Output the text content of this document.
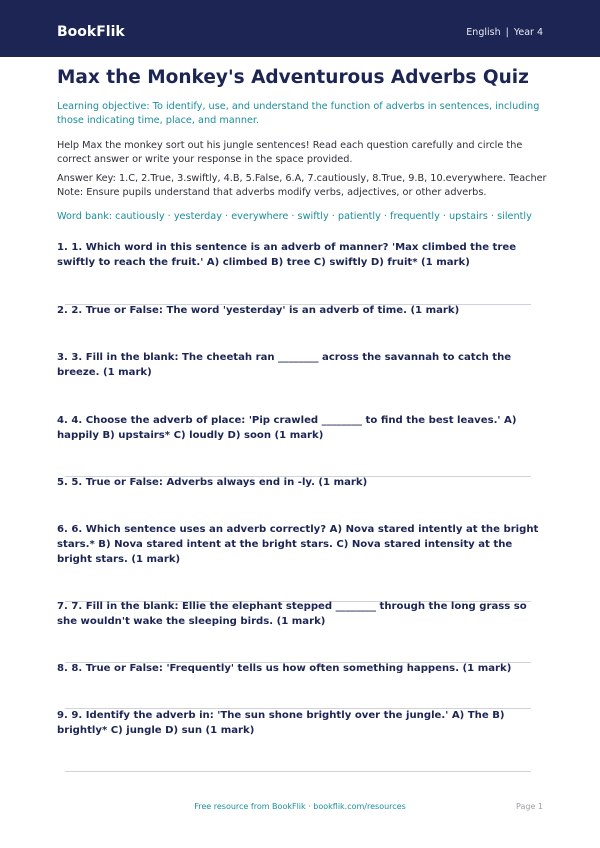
BookFlik	English | Year 4
Max the Monkey's Adventurous Adverbs Quiz
Learning objective: To identify, use, and understand the function of adverbs in sentences, including those indicating time, place, and manner.
Help Max the monkey sort out his jungle sentences! Read each question carefully and circle the correct answer or write your response in the space provided.
Answer Key: 1.C, 2.True, 3.swiftly, 4.B, 5.False, 6.A, 7.cautiously, 8.True, 9.B, 10.everywhere. Teacher Note: Ensure pupils understand that adverbs modify verbs, adjectives, or other adverbs.
Word bank: cautiously · yesterday · everywhere · swiftly · patiently · frequently · upstairs · silently
1. 1. Which word in this sentence is an adverb of manner? 'Max climbed the tree swiftly to reach the fruit.' A) climbed B) tree C) swiftly D) fruit* (1 mark)
2. 2. True or False: The word 'yesterday' is an adverb of time. (1 mark)
3. 3. Fill in the blank: The cheetah ran ________ across the savannah to catch the breeze. (1 mark)
4. 4. Choose the adverb of place: 'Pip crawled ________ to find the best leaves.' A) happily B) upstairs* C) loudly D) soon (1 mark)
5. 5. True or False: Adverbs always end in -ly. (1 mark)
6. 6. Which sentence uses an adverb correctly? A) Nova stared intently at the bright stars.* B) Nova stared intent at the bright stars. C) Nova stared intensity at the bright stars. (1 mark)
7. 7. Fill in the blank: Ellie the elephant stepped ________ through the long grass so she wouldn't wake the sleeping birds. (1 mark)
8. 8. True or False: 'Frequently' tells us how often something happens. (1 mark)
9. 9. Identify the adverb in: 'The sun shone brightly over the jungle.' A) The B) brightly* C) jungle D) sun (1 mark)
Free resource from BookFlik · bookflik.com/resources	Page 1
